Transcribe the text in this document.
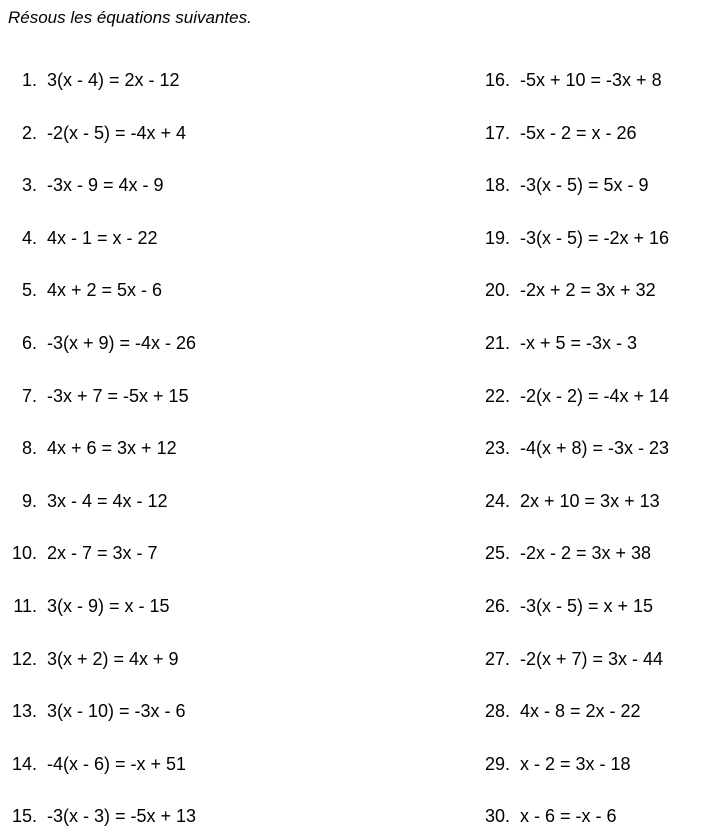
Résous les équations suivantes.
1. 3(x - 4) = 2x - 12
2. -2(x - 5) = -4x + 4
3. -3x - 9 = 4x - 9
4. 4x - 1 = x - 22
5. 4x + 2 = 5x - 6
6. -3(x + 9) = -4x - 26
7. -3x + 7 = -5x + 15
8. 4x + 6 = 3x + 12
9. 3x - 4 = 4x - 12
10. 2x - 7 = 3x - 7
11. 3(x - 9) = x - 15
12. 3(x + 2) = 4x + 9
13. 3(x - 10) = -3x - 6
14. -4(x - 6) = -x + 51
15. -3(x - 3) = -5x + 13
16. -5x + 10 = -3x + 8
17. -5x - 2 = x - 26
18. -3(x - 5) = 5x - 9
19. -3(x - 5) = -2x + 16
20. -2x + 2 = 3x + 32
21. -x + 5 = -3x - 3
22. -2(x - 2) = -4x + 14
23. -4(x + 8) = -3x - 23
24. 2x + 10 = 3x + 13
25. -2x - 2 = 3x + 38
26. -3(x - 5) = x + 15
27. -2(x + 7) = 3x - 44
28. 4x - 8 = 2x - 22
29. x - 2 = 3x - 18
30. x - 6 = -x - 6
